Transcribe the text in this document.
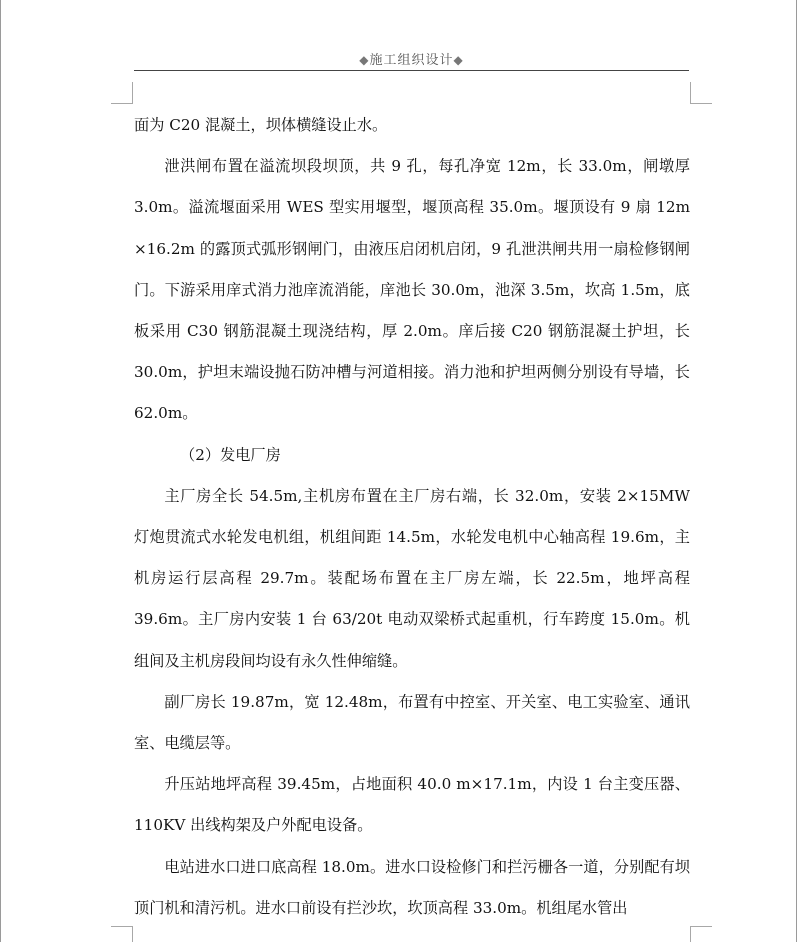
◆施工组织设计◆

面为 C20 混凝土，坝体横缝设止水。

泄洪闸布置在溢流坝段坝顶，共 9 孔，每孔净宽 12m，长 33.0m，闸墩厚 3.0m。溢流堰面采用 WES 型实用堰型，堰顶高程 35.0m。堰顶设有 9 扇 12m ×16.2m 的露顶式弧形钢闸门，由液压启闭机启闭，9 孔泄洪闸共用一扇检修钢闸门。下游采用庠式消力池庠流消能，庠池长 30.0m，池深 3.5m，坎高 1.5m，底板采用 C30 钢筋混凝土现浇结构，厚 2.0m。庠后接 C20 钢筋混凝土护坦，长 30.0m，护坦末端设抛石防冲槽与河道相接。消力池和护坦两侧分别设有导墙，长 62.0m。

（2）发电厂房

主厂房全长 54.5m,主机房布置在主厂房右端，长 32.0m，安装 2×15MW 灯炮贯流式水轮发电机组，机组间距 14.5m，水轮发电机中心轴高程 19.6m，主机房运行层高程 29.7m。装配场布置在主厂房左端，长 22.5m，地坪高程 39.6m。主厂房内安装 1 台 63/20t 电动双梁桥式起重机，行车跨度 15.0m。机组间及主机房段间均设有永久性伸缩缝。

副厂房长 19.87m，宽 12.48m，布置有中控室、开关室、电工实验室、通讯室、电缆层等。

升压站地坪高程 39.45m，占地面积 40.0 m×17.1m，内设 1 台主变压器、110KV 出线构架及户外配电设备。

电站进水口进口底高程 18.0m。进水口设检修门和拦污栅各一道，分别配有坝顶门机和清污机。进水口前设有拦沙坎，坎顶高程 33.0m。机组尾水管出
